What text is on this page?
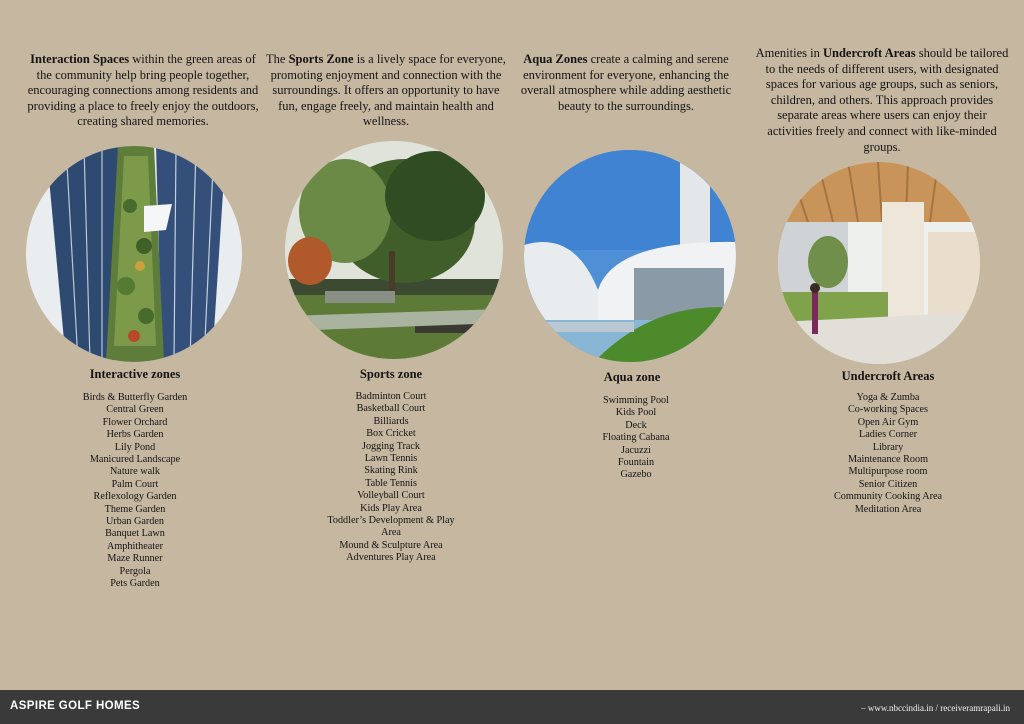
Interaction Spaces within the green areas of the community help bring people together, encouraging connections among residents and providing a place to freely enjoy the outdoors, creating shared memories.
Interactive zones
Birds & Butterfly Garden
Central Green
Flower Orchard
Herbs Garden
Lily Pond
Manicured Landscape
Nature walk
Palm Court
Reflexology Garden
Theme Garden
Urban Garden
Banquet Lawn
Amphitheater
Maze Runner
Pergola
Pets Garden
The Sports Zone is a lively space for everyone, promoting enjoyment and connection with the surroundings. It offers an opportunity to have fun, engage freely, and maintain health and wellness.
Sports zone
Badminton Court
Basketball Court
Billiards
Box Cricket
Jogging Track
Lawn Tennis
Skating Rink
Table Tennis
Volleyball Court
Kids Play Area
Toddler’s Development & Play
Area
Mound & Sculpture Area
Adventures Play Area
Aqua Zones create a calming and serene environment for everyone, enhancing the overall atmosphere while adding aesthetic beauty to the surroundings.
Aqua zone
Swimming Pool
Kids Pool
Deck
Floating Cabana
Jacuzzi
Fountain
Gazebo
Amenities in Undercroft Areas should be tailored to the needs of different users, with designated spaces for various age groups, such as seniors, children, and others. This approach provides separate areas where users can enjoy their activities freely and connect with like-minded groups.
Undercroft Areas
Yoga & Zumba
Co-working Spaces
Open Air Gym
Ladies Corner
Library
Maintenance Room
Multipurpose room
Senior Citizen
Community Cooking Area
Meditation Area
ASPIRE GOLF HOMES	– www.nbccindia.in / receiveramrapali.in
